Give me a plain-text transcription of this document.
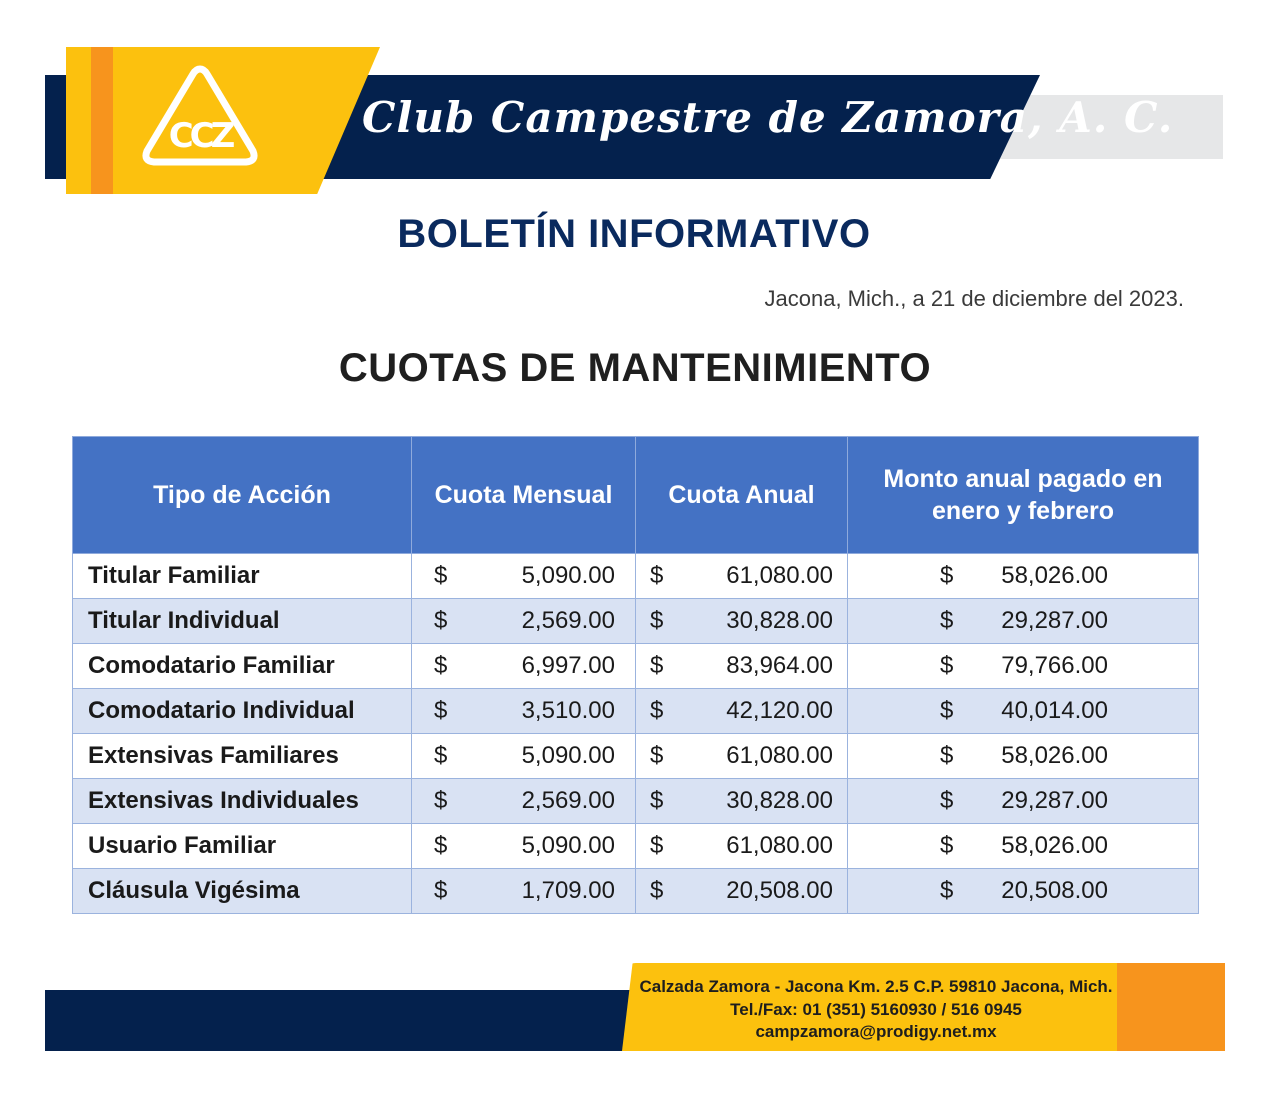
CCZ	Club Campestre de Zamora, A. C.
BOLETÍN INFORMATIVO
Jacona, Mich., a 21 de diciembre del 2023.
CUOTAS DE MANTENIMIENTO
Tipo de Acción	Cuota Mensual	Cuota Anual	Monto anual pagado en enero y febrero
Titular Familiar	$ 5,090.00	$ 61,080.00	$ 58,026.00

Titular Individual	$ 2,569.00	$ 30,828.00	$ 29,287.00

Comodatario Familiar	$ 6,997.00	$ 83,964.00	$ 79,766.00

Comodatario Individual	$ 3,510.00	$ 42,120.00	$ 40,014.00

Extensivas Familiares	$ 5,090.00	$ 61,080.00	$ 58,026.00

Extensivas Individuales	$ 2,569.00	$ 30,828.00	$ 29,287.00

Usuario Familiar	$ 5,090.00	$ 61,080.00	$ 58,026.00

Cláusula Vigésima	$ 1,709.00	$ 20,508.00	$ 20,508.00
Calzada Zamora - Jacona Km. 2.5 C.P. 59810 Jacona, Mich.
Tel./Fax: 01 (351) 5160930 / 516 0945
campzamora@prodigy.net.mx
